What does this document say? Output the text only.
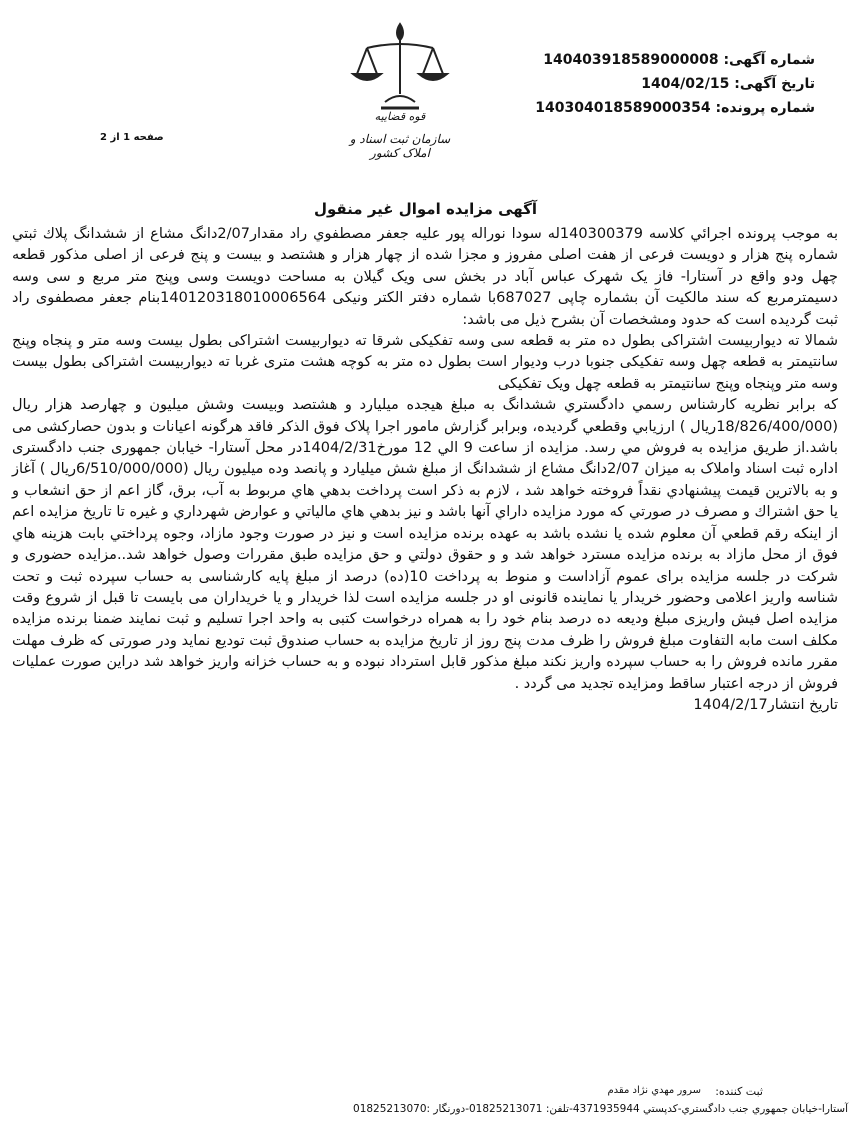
شماره آگهی: 140403918589000008
تاریخ آگهی: 1404/02/15
شماره پرونده: 140304018589000354
قوه قضاییه
سازمان ثبت اسناد و املاک کشور
صفحه 1 از 2
آگهی مزایده اموال غیر منقول

به موجب پرونده اجرائي كلاسه 140300379له سودا نوراله پور عليه جعفر مصطفوي راد مقدار2/07دانگ مشاع از ششدانگ پلاك ثبتي شماره پنج هزار و دویست فرعی از هفت اصلی مفروز و مجزا شده از چهار هزار و هشتصد و بیست و پنج فرعی از اصلی مذکور قطعه چهل ودو واقع در آستارا- فاز یک شهرک عباس آباد در بخش سی ویک گیلان به مساحت دویست وسی وپنج متر مربع و سی وسه دسیمترمربع که سند مالکیت آن بشماره چاپی 687027با شماره دفتر الکتر ونیکی 140120318010006564بنام جعفر مصطفوی راد ثبت گردیده است که حدود ومشخصات آن بشرح ذیل می باشد:

شمالا ته دیواربیست اشتراکی بطول ده متر به قطعه سی وسه تفکیکی شرقا ته دیواربیست اشتراکی بطول بیست وسه متر و پنجاه وپنج سانتیمتر به قطعه چهل وسه تفکیکی جنوبا درب ودیوار است بطول ده متر به کوچه هشت متری غربا ته دیواربیست اشتراکی بطول بیست وسه متر وپنجاه وپنج سانتیمتر به قطعه چهل ویک تفکیکی

كه برابر نظريه كارشناس رسمي دادگستري ششدانگ به مبلغ هیجده میلیارد و هشتصد وبیست وشش میلیون و چهارصد هزار ريال (18/826/400/000ريال ) ارزيابي وقطعي گرديده، وبرابر گزارش مامور اجرا پلاک فوق الذکر فاقد هرگونه اعیانات و بدون حصارکشی می باشد.از طريق مزايده به فروش مي رسد. مزایده از ساعت 9 الي 12 مورخ1404/2/31در محل آستارا- خیابان جمهوری جنب دادگستری اداره ثبت اسناد واملاک به میزان 2/07دانگ مشاع از ششدانگ از مبلغ شش میلیارد و پانصد وده میلیون ريال (6/510/000/000ريال ) آغاز و به بالاترين قيمت پيشنهادي نقداً فروخته خواهد شد ، لازم به ذكر است پرداخت بدهي هاي مربوط به آب، برق، گاز اعم از حق انشعاب و يا حق اشتراك و مصرف در صورتي كه مورد مزايده داراي آنها باشد و نيز بدهي هاي مالياتي و عوارض شهرداري و غيره تا تاريخ مزايده اعم از اينكه رقم قطعي آن معلوم شده يا نشده باشد به عهده برنده مزايده است و نيز در صورت وجود مازاد، وجوه پرداختي بابت هزينه هاي فوق از محل مازاد به برنده مزايده مسترد خواهد شد و و حقوق دولتي و حق مزايده طبق مقررات وصول خواهد شد..مزایده حضوری و شرکت در جلسه مزایده برای عموم آزاداست و منوط به پرداخت 10(ده) درصد از مبلغ پایه کارشناسی به حساب سپرده ثبت و تحت شناسه واریز اعلامی وحضور خریدار یا نماینده قانونی او در جلسه مزایده است لذا خریدار و یا خریداران می بایست تا قبل از شروع وقت مزایده اصل فیش واریزی مبلغ ودیعه ده درصد بنام خود را به همراه درخواست کتبی به واحد اجرا تسلیم و ثبت نمایند ضمنا برنده مزایده مکلف است مابه التفاوت مبلغ فروش را ظرف مدت پنج روز از تاریخ مزایده به حساب صندوق ثبت تودیع نماید ودر صورتی که ظرف مهلت مقرر مانده فروش را به حساب سپرده واریز نکند مبلغ مذکور قابل استرداد نبوده و به حساب خزانه واریز خواهد شد دراین صورت عملیات فروش از درجه اعتبار ساقط ومزایده تجدید می گردد .

تاریخ انتشار1404/2/17

ثبت كننده:
سرور مهدي نژاد مقدم
آستارا-خيابان جمهوري جنب دادگستري-كدپستي 4371935944-تلفن: 01825213071-دورنگار :01825213070
